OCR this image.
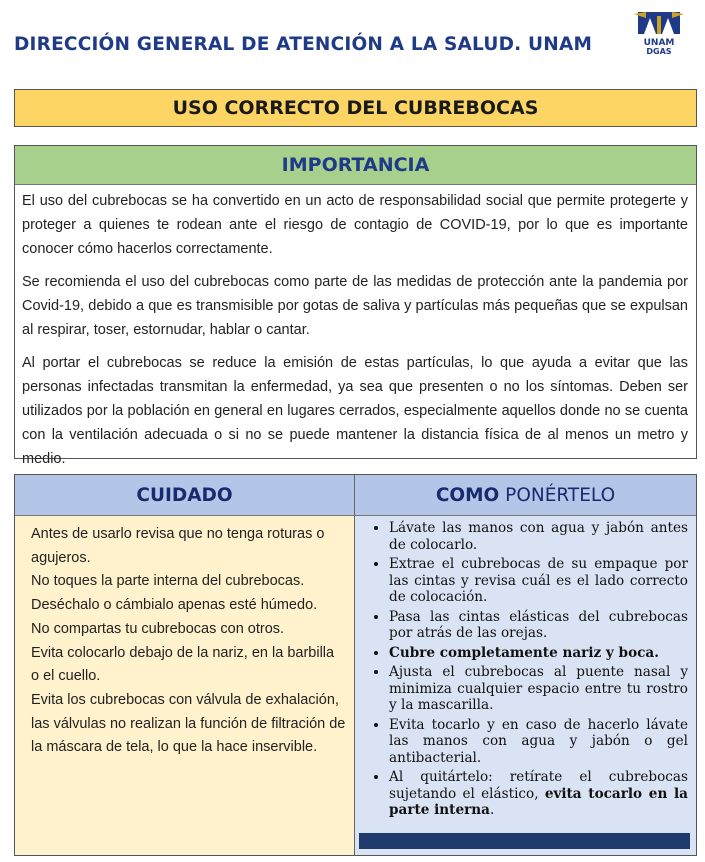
DIRECCIÓN GENERAL DE ATENCIÓN A LA SALUD. UNAM	UNAM
DGAS
USO CORRECTO DEL CUBREBOCAS
IMPORTANCIA

El uso del cubrebocas se ha convertido en un acto de responsabilidad social que permite protegerte y proteger a quienes te rodean ante el riesgo de contagio de COVID-19, por lo que es importante conocer cómo hacerlos correctamente.

Se recomienda el uso del cubrebocas como parte de las medidas de protección ante la pandemia por Covid-19, debido a que es transmisible por gotas de saliva y partículas más pequeñas que se expulsan al respirar, toser, estornudar, hablar o cantar.

Al portar el cubrebocas se reduce la emisión de estas partículas, lo que ayuda a evitar que las personas infectadas transmitan la enfermedad, ya sea que presenten o no los síntomas. Deben ser utilizados por la población en general en lugares cerrados, especialmente aquellos donde no se cuenta con la ventilación adecuada o si no se puede mantener la distancia física de al menos un metro y medio.

CUIDADO
Antes de usarlo revisa que no tenga roturas o agujeros.
No toques la parte interna del cubrebocas.
Deséchalo o cámbialo apenas esté húmedo.
No compartas tu cubrebocas con otros.
Evita colocarlo debajo de la nariz, en la barbilla o el cuello.
Evita los cubrebocas con válvula de exhalación, las válvulas no realizan la función de filtración de la máscara de tela, lo que la hace inservible.
COMO PONÉRTELO
• Lávate las manos con agua y jabón antes de colocarlo.
• Extrae el cubrebocas de su empaque por las cintas y revisa cuál es el lado correcto de colocación.
• Pasa las cintas elásticas del cubrebocas por atrás de las orejas.
• Cubre completamente nariz y boca.
• Ajusta el cubrebocas al puente nasal y minimiza cualquier espacio entre tu rostro y la mascarilla.
• Evita tocarlo y en caso de hacerlo lávate las manos con agua y jabón o gel antibacterial.
• Al quitártelo: retírate el cubrebocas sujetando el elástico, evita tocarlo en la parte interna.
